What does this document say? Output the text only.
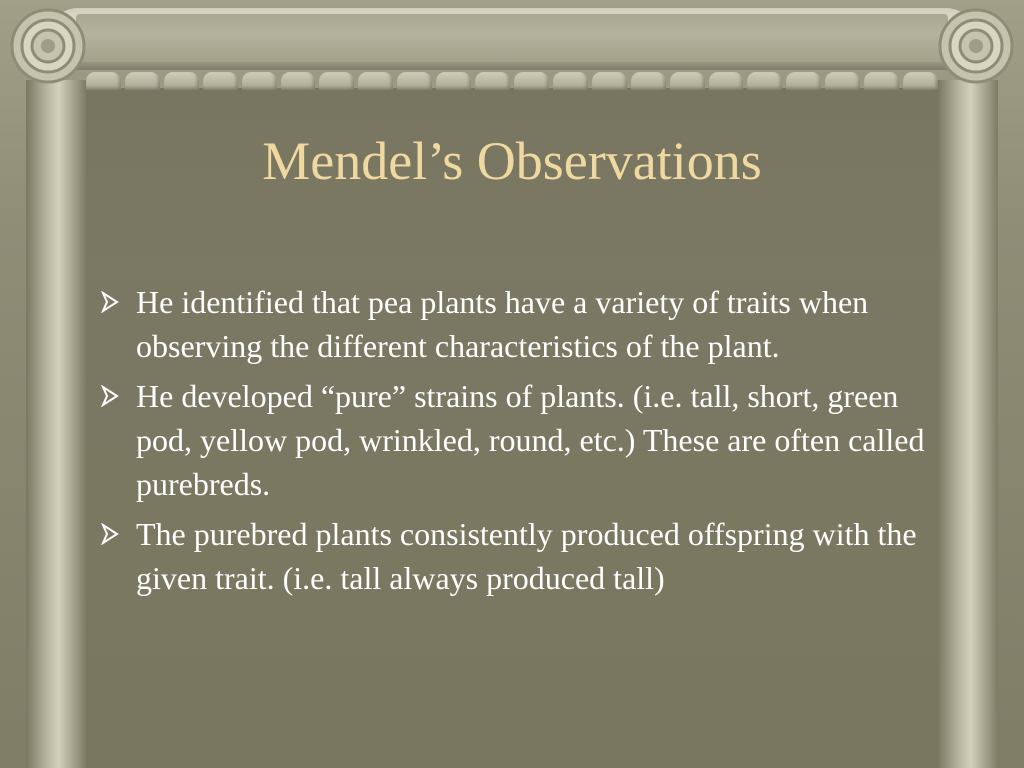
Mendel’s Observations
He identified that pea plants have a variety of traits when observing the different characteristics of the plant.
He developed “pure” strains of plants. (i.e. tall, short, green pod, yellow pod, wrinkled, round, etc.) These are often called purebreds.
The purebred plants consistently produced offspring with the given trait. (i.e. tall always produced tall)
